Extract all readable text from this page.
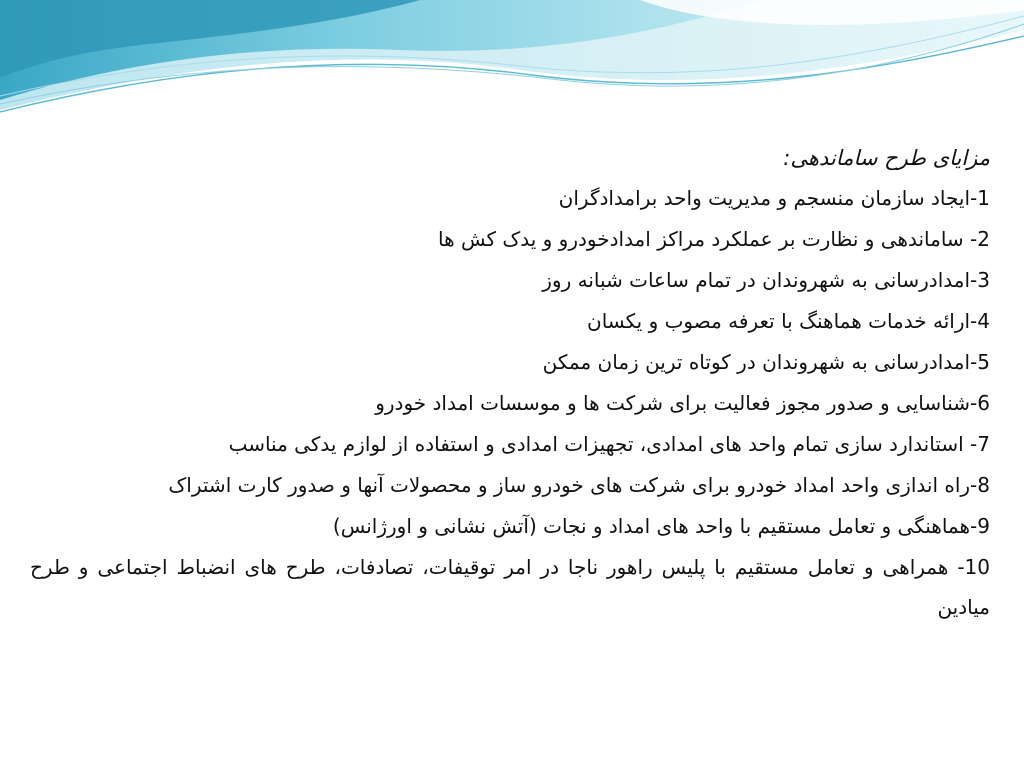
مزایای طرح ساماندهی:
1-ایجاد سازمان منسجم و مدیریت واحد برامدادگران
2- ساماندهی و نظارت بر عملکرد مراکز امدادخودرو و یدک کش ها
3-امدادرسانی به شهروندان در تمام ساعات شبانه روز
4-ارائه خدمات هماهنگ با تعرفه مصوب و یکسان
5-امدادرسانی به شهروندان در کوتاه ترین زمان ممکن
6-شناسایی و صدور مجوز فعالیت برای شرکت ها و موسسات امداد خودرو
7- استاندارد سازی تمام واحد های امدادی، تجهیزات امدادی و استفاده از لوازم یدکی مناسب
8-راه اندازی واحد امداد خودرو برای شرکت های خودرو ساز و محصولات آنها و صدور کارت اشتراک
9-هماهنگی و تعامل مستقیم با واحد های امداد و نجات (آتش نشانی و اورژانس)
10- همراهی و تعامل مستقیم با پلیس راهور ناجا در امر توقیفات، تصادفات، طرح های انضباط اجتماعی و طرح میادین
